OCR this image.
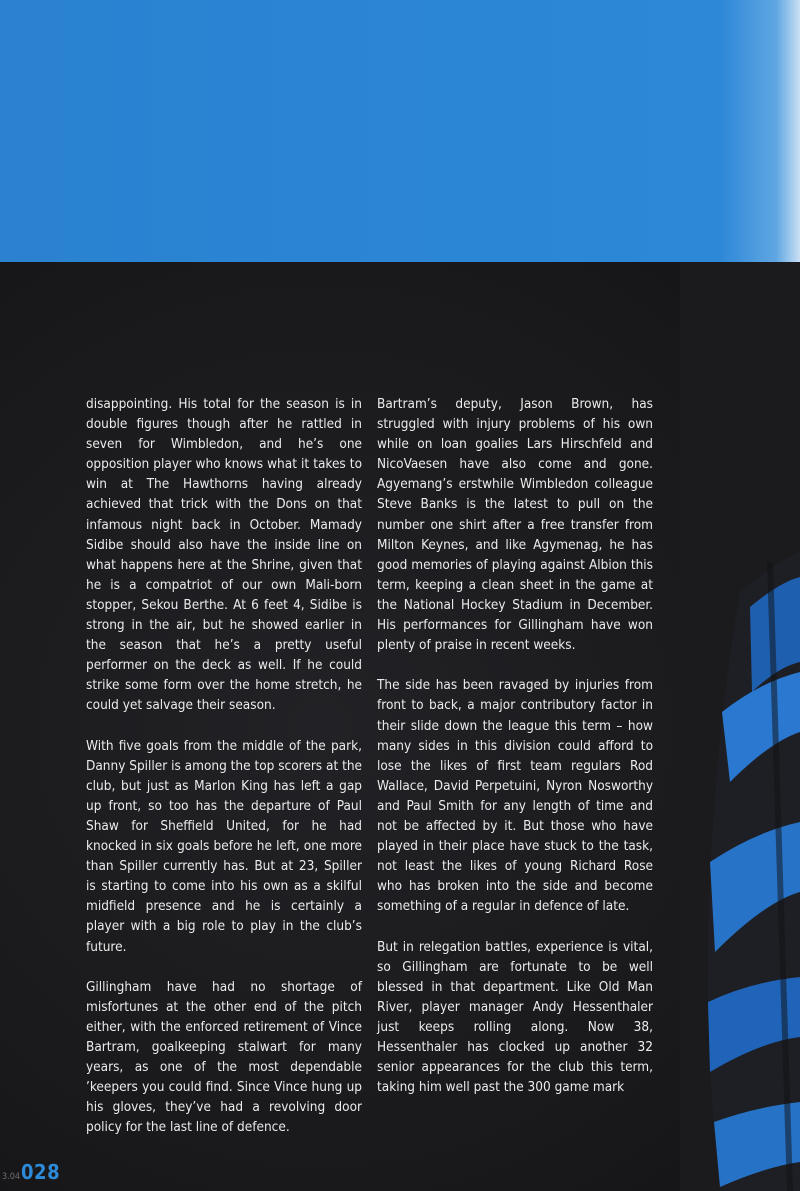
disappointing. His total for the season is in double figures though after he rattled in seven for Wimbledon, and he’s one opposition player who knows what it takes to win at The Hawthorns having already achieved that trick with the Dons on that infamous night back in October. Mamady Sidibe should also have the inside line on what happens here at the Shrine, given that he is a compatriot of our own Mali-born stopper, Sekou Berthe. At 6 feet 4, Sidibe is strong in the air, but he showed earlier in the season that he’s a pretty useful performer on the deck as well. If he could strike some form over the home stretch, he could yet salvage their season.

With five goals from the middle of the park, Danny Spiller is among the top scorers at the club, but just as Marlon King has left a gap up front, so too has the departure of Paul Shaw for Sheffield United, for he had knocked in six goals before he left, one more than Spiller currently has. But at 23, Spiller is starting to come into his own as a skilful midfield presence and he is certainly a player with a big role to play in the club’s future.

Gillingham have had no shortage of misfortunes at the other end of the pitch either, with the enforced retirement of Vince Bartram, goalkeeping stalwart for many years, as one of the most dependable ’keepers you could find. Since Vince hung up his gloves, they’ve had a revolving door policy for the last line of defence.

Bartram’s deputy, Jason Brown, has struggled with injury problems of his own while on loan goalies Lars Hirschfeld and NicoVaesen have also come and gone. Agyemang’s erstwhile Wimbledon colleague Steve Banks is the latest to pull on the number one shirt after a free transfer from Milton Keynes, and like Agymenag, he has good memories of playing against Albion this term, keeping a clean sheet in the game at the National Hockey Stadium in December. His performances for Gillingham have won plenty of praise in recent weeks.

The side has been ravaged by injuries from front to back, a major contributory factor in their slide down the league this term – how many sides in this division could afford to lose the likes of first team regulars Rod Wallace, David Perpetuini, Nyron Nosworthy and Paul Smith for any length of time and not be affected by it. But those who have played in their place have stuck to the task, not least the likes of young Richard Rose who has broken into the side and become something of a regular in defence of late.

But in relegation battles, experience is vital, so Gillingham are fortunate to be well blessed in that department. Like Old Man River, player manager Andy Hessenthaler just keeps rolling along. Now 38, Hessenthaler has clocked up another 32 senior appearances for the club this term, taking him well past the 300 game mark

3.04 028
